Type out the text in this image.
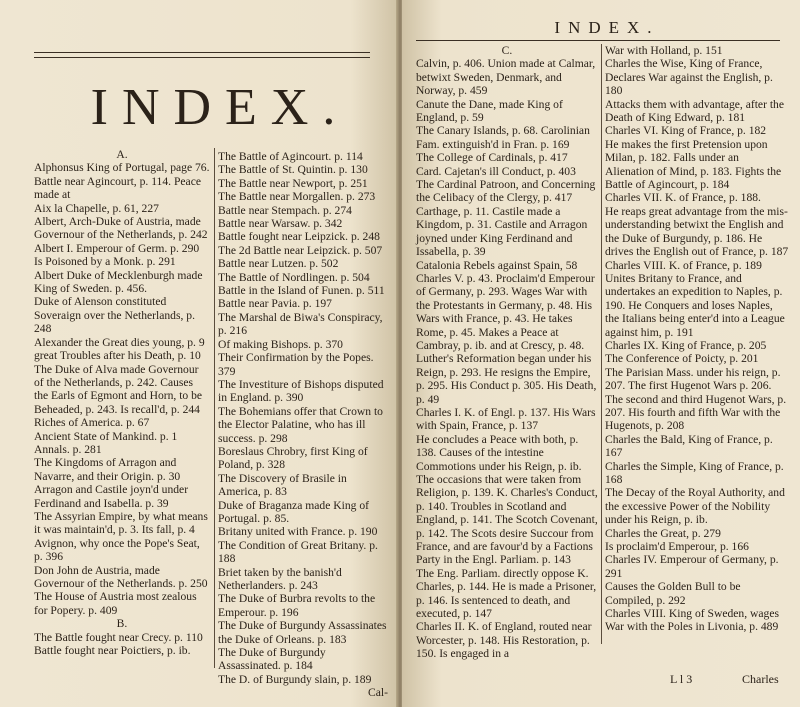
INDEX.

A.

Alphonsus King of Portugal, page 76. Battle near Agincourt, p. 114. Peace made at

Aix la Chapelle, p. 61, 227

Albert, Arch-Duke of Austria, made Governour of the Netherlands, p. 242

Albert I. Emperour of Germ. p. 290

Is Poisoned by a Monk. p. 291

Albert Duke of Mecklenburgh made King of Sweden. p. 456.

Duke of Alenson constituted Soveraign over the Netherlands, p. 248

Alexander the Great dies young, p. 9

great Troubles after his Death, p. 10

The Duke of Alva made Governour of the Netherlands, p. 242. Causes the Earls of Egmont and Horn, to be Beheaded, p. 243. Is recall'd, p. 244

Riches of America. p. 67

Ancient State of Mankind. p. 1

Annals. p. 281

The Kingdoms of Arragon and Navarre, and their Origin. p. 30

Arragon and Castile joyn'd under Ferdinand and Isabella. p. 39

The Assyrian Empire, by what means it was maintain'd, p. 3. Its fall, p. 4

Avignon, why once the Pope's Seat, p. 396

Don John de Austria, made Governour of the Netherlands. p. 250

The House of Austria most zealous for Popery. p. 409

B.

The Battle fought near Crecy. p. 110

Battle fought near Poictiers, p. ib.

The Battle of Agincourt. p. 114

The Battle of St. Quintin. p. 130

The Battle near Newport, p. 251

The Battle near Morgallen. p. 273

Battle near Stempach. p. 274

Battle near Warsaw. p. 342

Battle fought near Leipzick. p. 248

The 2d Battle near Leipzick. p. 507

Battle near Lutzen. p. 502

The Battle of Nordlingen. p. 504

Battle in the Island of Funen. p. 511

Battle near Pavia. p. 197

The Marshal de Biwa's Conspiracy, p. 216

Of making Bishops. p. 370

Their Confirmation by the Popes. 379

The Investiture of Bishops disputed in England. p. 390

The Bohemians offer that Crown to the Elector Palatine, who has ill success. p. 298

Boreslaus Chrobry, first King of Poland, p. 328

The Discovery of Brasile in America, p. 83

Duke of Braganza made King of Portugal. p. 85.

Britany united with France. p. 190

The Condition of Great Britany. p. 188

Briet taken by the banish'd Netherlanders. p. 243

The Duke of Burbra revolts to the Emperour. p. 196

The Duke of Burgundy Assassinates the Duke of Orleans. p. 183

The Duke of Burgundy Assassinated. p. 184

The D. of Burgundy slain, p. 189

Cal-

INDEX.

C.

Calvin, p. 406. Union made at Calmar, betwixt Sweden, Denmark, and Norway, p. 459

Canute the Dane, made King of England, p. 59

The Canary Islands, p. 68. Carolinian Fam. extinguish'd in Fran. p. 169

The College of Cardinals, p. 417

Card. Cajetan's ill Conduct, p. 403

The Cardinal Patroon, and Concerning the Celibacy of the Clergy, p. 417

Carthage, p. 11. Castile made a Kingdom, p. 31. Castile and Arragon joyned under King Ferdinand and Issabella, p. 39

Catalonia Rebels against Spain, 58

Charles V. p. 43. Proclaim'd Emperour of Germany, p. 293. Wages War with the Protestants in Germany, p. 48. His Wars with France, p. 43. He takes Rome, p. 45. Makes a Peace at Cambray, p. ib. and at Crescy, p. 48. Luther's Reformation began under his Reign, p. 293. He resigns the Empire, p. 295. His Conduct p. 305. His Death, p. 49

Charles I. K. of Engl. p. 137. His Wars with Spain, France, p. 137

He concludes a Peace with both, p. 138. Causes of the intestine Commotions under his Reign, p. ib. The occasions that were taken from Religion, p. 139. K. Charles's Conduct, p. 140. Troubles in Scotland and England, p. 141. The Scotch Covenant, p. 142. The Scots desire Succour from France, and are favour'd by a Factions Party in the Engl. Parliam. p. 143

The Eng. Parliam. directly oppose K. Charles, p. 144. He is made a Prisoner, p. 146. Is sentenced to death, and executed, p. 147

Charles II. K. of England, routed near Worcester, p. 148. His Restoration, p. 150. Is engaged in a

War with Holland, p. 151

Charles the Wise, King of France, Declares War against the English, p. 180

Attacks them with advantage, after the Death of King Edward, p. 181

Charles VI. King of France, p. 182

He makes the first Pretension upon Milan, p. 182. Falls under an Alienation of Mind, p. 183. Fights the Battle of Agincourt, p. 184

Charles VII. K. of France, p. 188.

He reaps great advantage from the mis-understanding betwixt the English and the Duke of Burgundy, p. 186. He drives the English out of France, p. 187

Charles VIII. K. of France, p. 189

Unites Britany to France, and undertakes an expedition to Naples, p. 190. He Conquers and loses Naples, the Italians being enter'd into a League against him, p. 191

Charles IX. King of France, p. 205

The Conference of Poicty, p. 201

The Parisian Mass. under his reign, p. 207. The first Hugenot Wars p. 206. The second and third Hugenot Wars, p. 207. His fourth and fifth War with the Hugenots, p. 208

Charles the Bald, King of France, p. 167

Charles the Simple, King of France, p. 168

The Decay of the Royal Authority, and the excessive Power of the Nobility under his Reign, p. ib.

Charles the Great, p. 279

Is proclaim'd Emperour, p. 166

Charles IV. Emperour of Germany, p. 291

Causes the Golden Bull to be Compiled, p. 292

Charles VIII. King of Sweden, wages War with the Poles in Livonia, p. 489

L l 3	Charles
